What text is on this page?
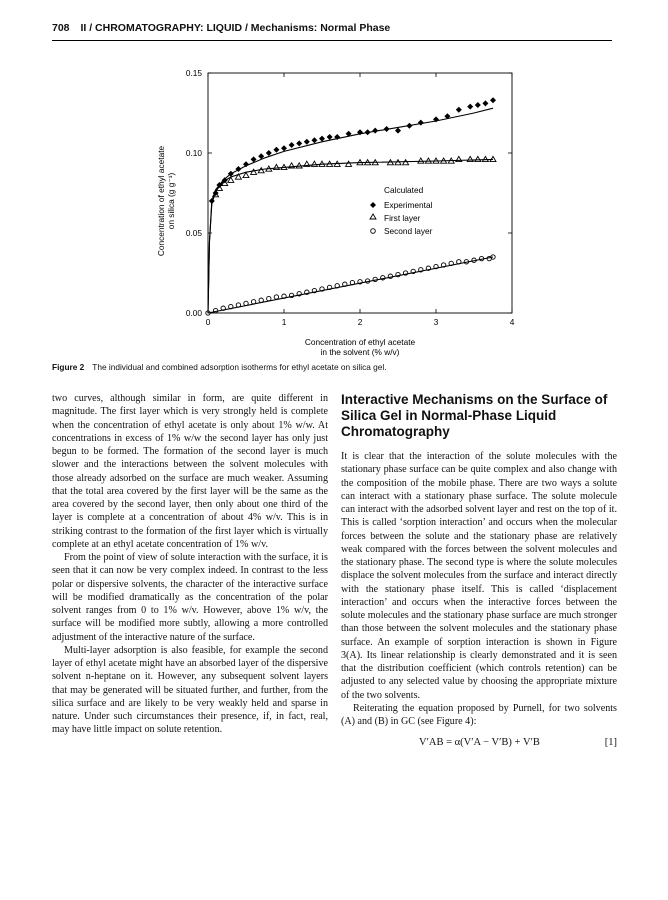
708 II / CHROMATOGRAPHY: LIQUID / Mechanisms: Normal Phase
0	1	2	3	4
0.00
0.05
0.10
0.15
Concentration of ethyl acetate
in the solvent (% w/v)
Concentration of ethyl acetate on silica (g g⁻¹)	Calculated
Experimental
First layer
Second layer
Figure 2 The individual and combined adsorption isotherms for ethyl acetate on silica gel.

two curves, although similar in form, are quite different in magnitude. The first layer which is very strongly held is complete when the concentration of ethyl acetate is only about 1% w/w. At concentrations in excess of 1% w/w the second layer has only just begun to be formed. The formation of the second layer is much slower and the interactions between the solvent molecules with those already adsorbed on the surface are much weaker. Assuming that the total area covered by the first layer will be the same as the area covered by the second layer, then only about one third of the layer is complete at a concentration of about 4% w/v. This is in striking contrast to the formation of the first layer which is virtually complete at an ethyl acetate concentration of 1% w/v.

From the point of view of solute interaction with the surface, it is seen that it can now be very complex indeed. In contrast to the less polar or dispersive solvents, the character of the interactive surface will be modified dramatically as the concentration of the polar solvent ranges from 0 to 1% w/v. However, above 1% w/v, the surface will be modified more subtly, allowing a more controlled adjustment of the interactive nature of the surface.

Multi-layer adsorption is also feasible, for example the second layer of ethyl acetate might have an absorbed layer of the dispersive solvent n-heptane on it. However, any subsequent solvent layers that may be generated will be situated further, and further, from the silica surface and are likely to be very weakly held and sparse in nature. Under such circumstances their presence, if, in fact, real, may have little impact on solute retention.

Interactive Mechanisms on the Surface of Silica Gel in Normal-Phase Liquid Chromatography

It is clear that the interaction of the solute molecules with the stationary phase surface can be quite complex and also change with the composition of the mobile phase. There are two ways a solute can interact with a stationary phase surface. The solute molecule can interact with the adsorbed solvent layer and rest on the top of it. This is called ‘sorption interaction’ and occurs when the molecular forces between the solute and the stationary phase are relatively weak compared with the forces between the solvent molecules and the stationary phase. The second type is where the solute molecules displace the solvent molecules from the surface and interact directly with the stationary phase itself. This is called ‘displacement interaction’ and occurs when the interactive forces between the solute molecules and the stationary phase surface are much stronger than those between the solvent molecules and the stationary phase surface. An example of sorption interaction is shown in Figure 3(A). Its linear relationship is clearly demonstrated and it is seen that the distribution coefficient (which controls retention) can be adjusted to any selected value by choosing the appropriate mixture of the two solvents.

Reiterating the equation proposed by Purnell, for two solvents (A) and (B) in GC (see Figure 4):

V′AB = α(V′A − V′B) + V′B	[1]
